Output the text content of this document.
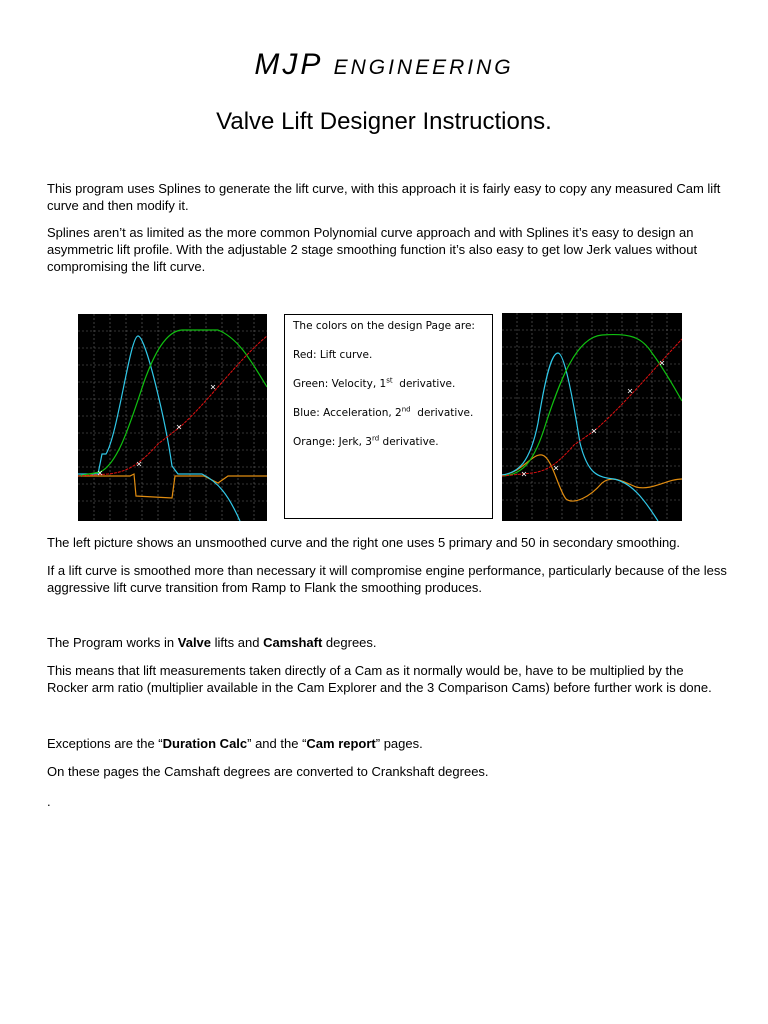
MJP engineering
Valve Lift Designer Instructions.

This program uses Splines to generate the lift curve, with this approach it is fairly easy to copy any measured Cam lift curve and then modify it.

Splines aren’t as limited as the more common Polynomial curve approach and with Splines it’s easy to design an asymmetric lift profile. With the adjustable 2 stage smoothing function it’s also easy to get low Jerk values without compromising the lift curve.

The colors on the design Page are:
Red: Lift curve.
Green: Velocity, 1st  derivative.
Blue: Acceleration, 2nd  derivative.
Orange: Jerk, 3rd derivative.

The left picture shows an unsmoothed curve and the right one uses 5 primary and 50 in secondary smoothing.

If a lift curve is smoothed more than necessary it will compromise engine performance, particularly because of the less aggressive lift curve transition from Ramp to Flank the smoothing produces.

The Program works in Valve lifts and Camshaft degrees.

This means that lift measurements taken directly of a Cam as it normally would be, have to be multiplied by the Rocker arm ratio (multiplier available in the Cam Explorer and the 3 Comparison Cams) before further work is done.

Exceptions are the “Duration Calc” and the “Cam report” pages.

On these pages the Camshaft degrees are converted to Crankshaft degrees.

.
